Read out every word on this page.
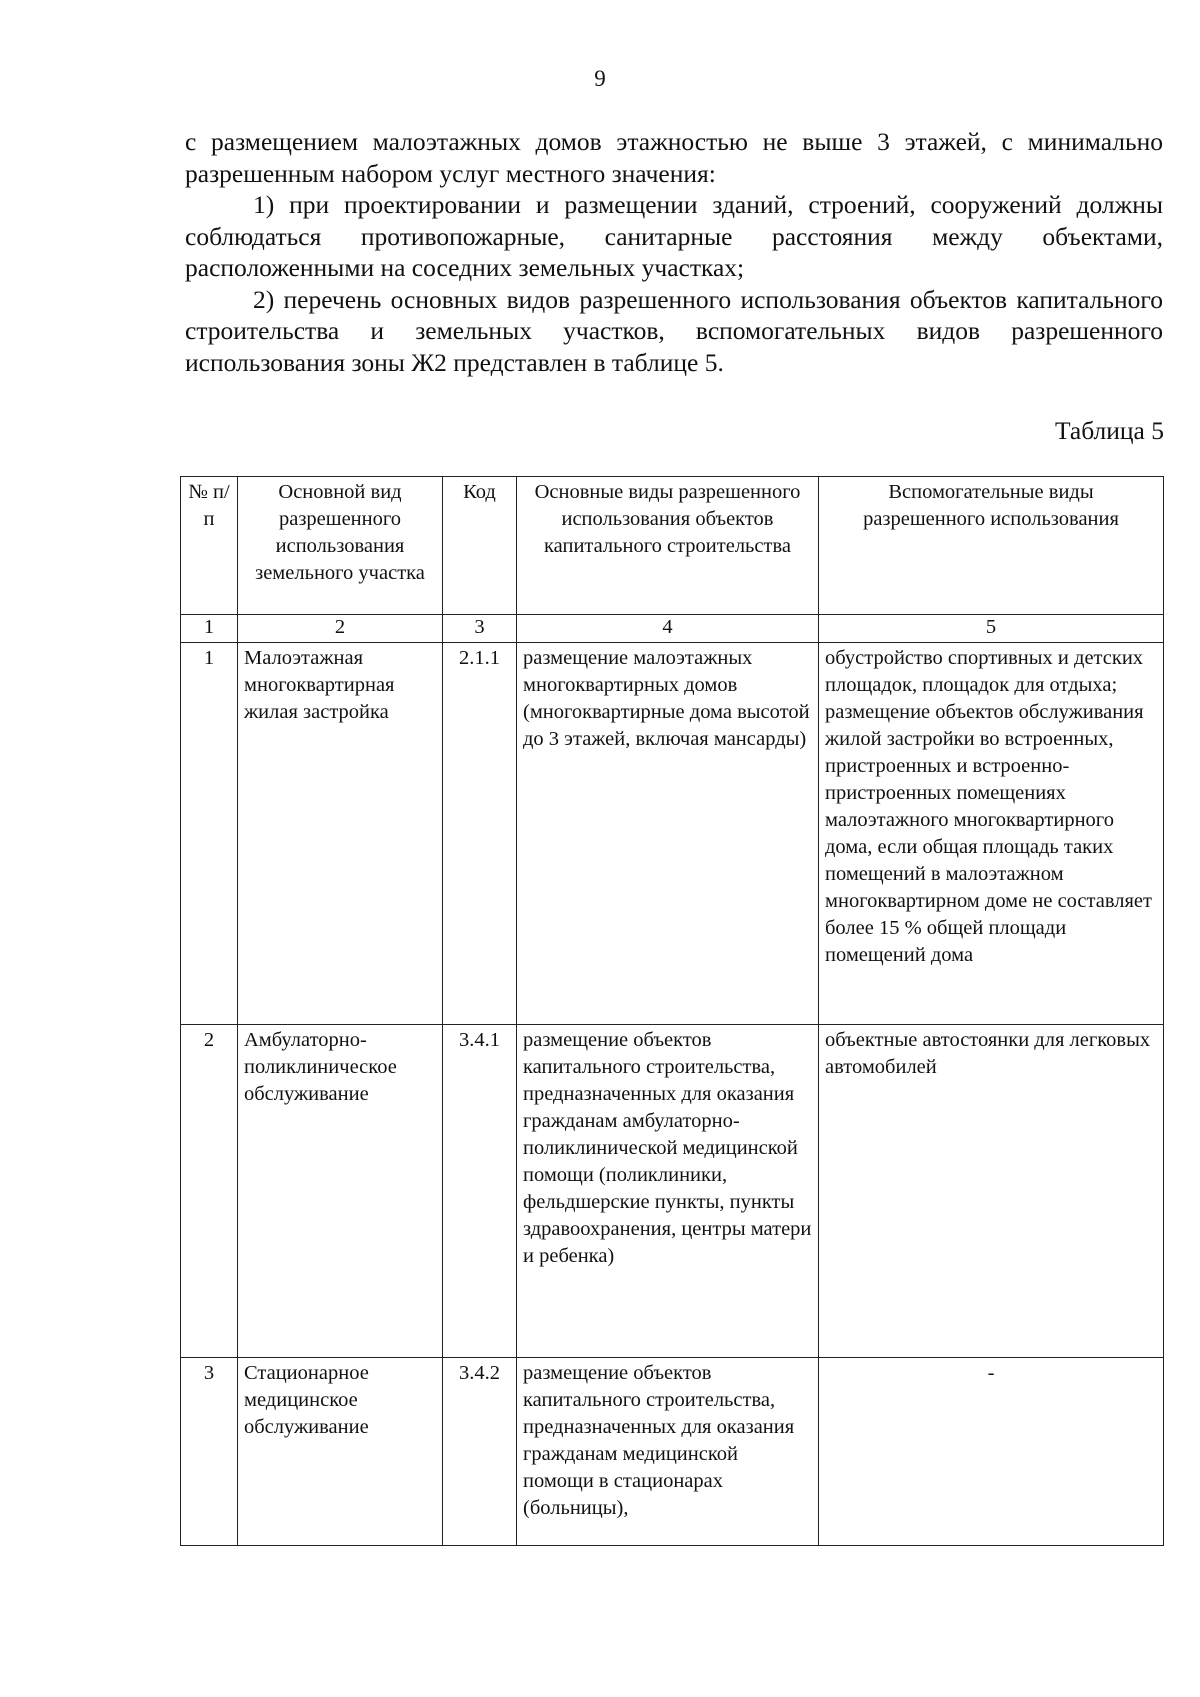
9

с размещением малоэтажных домов этажностью не выше 3 этажей, с минимально разрешенным набором услуг местного значения:

1) при проектировании и размещении зданий, строений, сооружений должны соблюдаться противопожарные, санитарные расстояния между объектами, расположенными на соседних земельных участках;

2) перечень основных видов разрешенного использования объектов капитального строительства и земельных участков, вспомогательных видов разрешенного использования зоны Ж2 представлен в таблице 5.

Таблица 5
№ п/п	Основной вид разрешенного использования земельного участка	Код	Основные виды разрешенного использования объектов капитального строительства	Вспомогательные виды разрешенного использования
1	2	3	4	5
1	Малоэтажная многоквартирная жилая застройка	2.1.1	размещение малоэтажных многоквартирных домов (многоквартирные дома высотой до 3 этажей, включая мансарды)	обустройство спортивных и детских площадок, площадок для отдыха; размещение объектов обслуживания жилой застройки во встроенных, пристроенных и встроенно-пристроенных помещениях малоэтажного многоквартирного дома, если общая площадь таких помещений в малоэтажном многоквартирном доме не составляет более 15 % общей площади помещений дома
2	Амбулаторно-поликлиническое обслуживание	3.4.1	размещение объектов капитального строительства, предназначенных для оказания гражданам амбулаторно-поликлинической медицинской помощи (поликлиники, фельдшерские пункты, пункты здравоохранения, центры матери и ребенка)	объектные автостоянки для легковых автомобилей
3	Стационарное медицинское обслуживание	3.4.2	размещение объектов капитального строительства, предназначенных для оказания гражданам медицинской помощи в стационарах (больницы),	-
